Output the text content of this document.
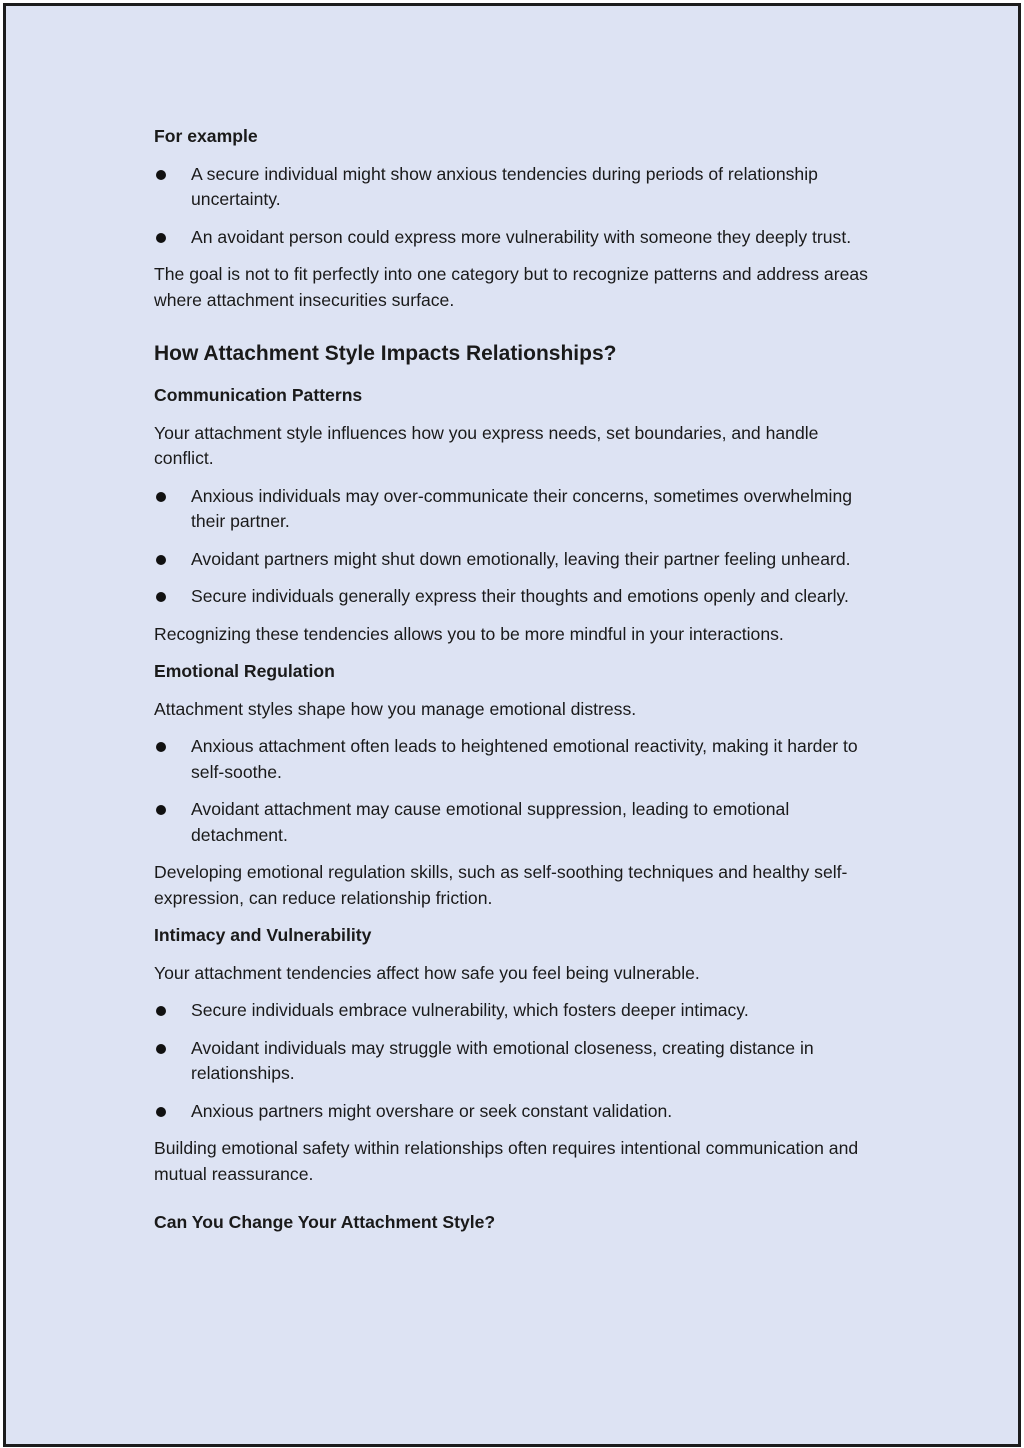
For example

A secure individual might show anxious tendencies during periods of relationship uncertainty.
An avoidant person could express more vulnerability with someone they deeply trust.

The goal is not to fit perfectly into one category but to recognize patterns and address areas where attachment insecurities surface.

How Attachment Style Impacts Relationships?

Communication Patterns

Your attachment style influences how you express needs, set boundaries, and handle conflict.

Anxious individuals may over-communicate their concerns, sometimes overwhelming their partner.
Avoidant partners might shut down emotionally, leaving their partner feeling unheard.
Secure individuals generally express their thoughts and emotions openly and clearly.

Recognizing these tendencies allows you to be more mindful in your interactions.

Emotional Regulation

Attachment styles shape how you manage emotional distress.

Anxious attachment often leads to heightened emotional reactivity, making it harder to self-soothe.
Avoidant attachment may cause emotional suppression, leading to emotional detachment.

Developing emotional regulation skills, such as self-soothing techniques and healthy self-expression, can reduce relationship friction.

Intimacy and Vulnerability

Your attachment tendencies affect how safe you feel being vulnerable.

Secure individuals embrace vulnerability, which fosters deeper intimacy.
Avoidant individuals may struggle with emotional closeness, creating distance in relationships.
Anxious partners might overshare or seek constant validation.

Building emotional safety within relationships often requires intentional communication and mutual reassurance.

Can You Change Your Attachment Style?
